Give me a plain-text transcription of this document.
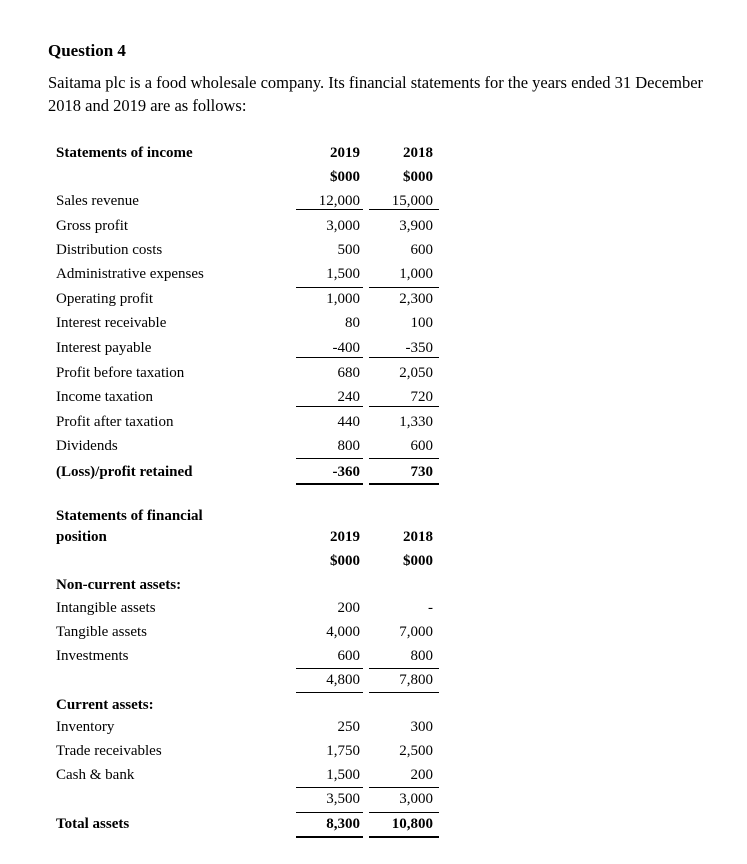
Question 4
Saitama plc is a food wholesale company. Its financial statements for the years ended 31 December 2018 and 2019 are as follows:
Statements of income	2019	2018
$000	$000
Sales revenue	12,000	15,000
Gross profit	3,000	3,900
Distribution costs	500	600
Administrative expenses	1,500	1,000
Operating profit	1,000	2,300
Interest receivable	80	100
Interest payable	-400	-350
Profit before taxation	680	2,050
Income taxation	240	720
Profit after taxation	440	1,330
Dividends	800	600
(Loss)/profit retained	-360	730
Statements of financial
position	2019	2018
$000	$000
Non-current assets:
Intangible assets	200	-
Tangible assets	4,000	7,000
Investments	600	800
4,800	7,800
Current assets:
Inventory	250	300
Trade receivables	1,750	2,500
Cash & bank	1,500	200
3,500	3,000
Total assets	8,300	10,800
